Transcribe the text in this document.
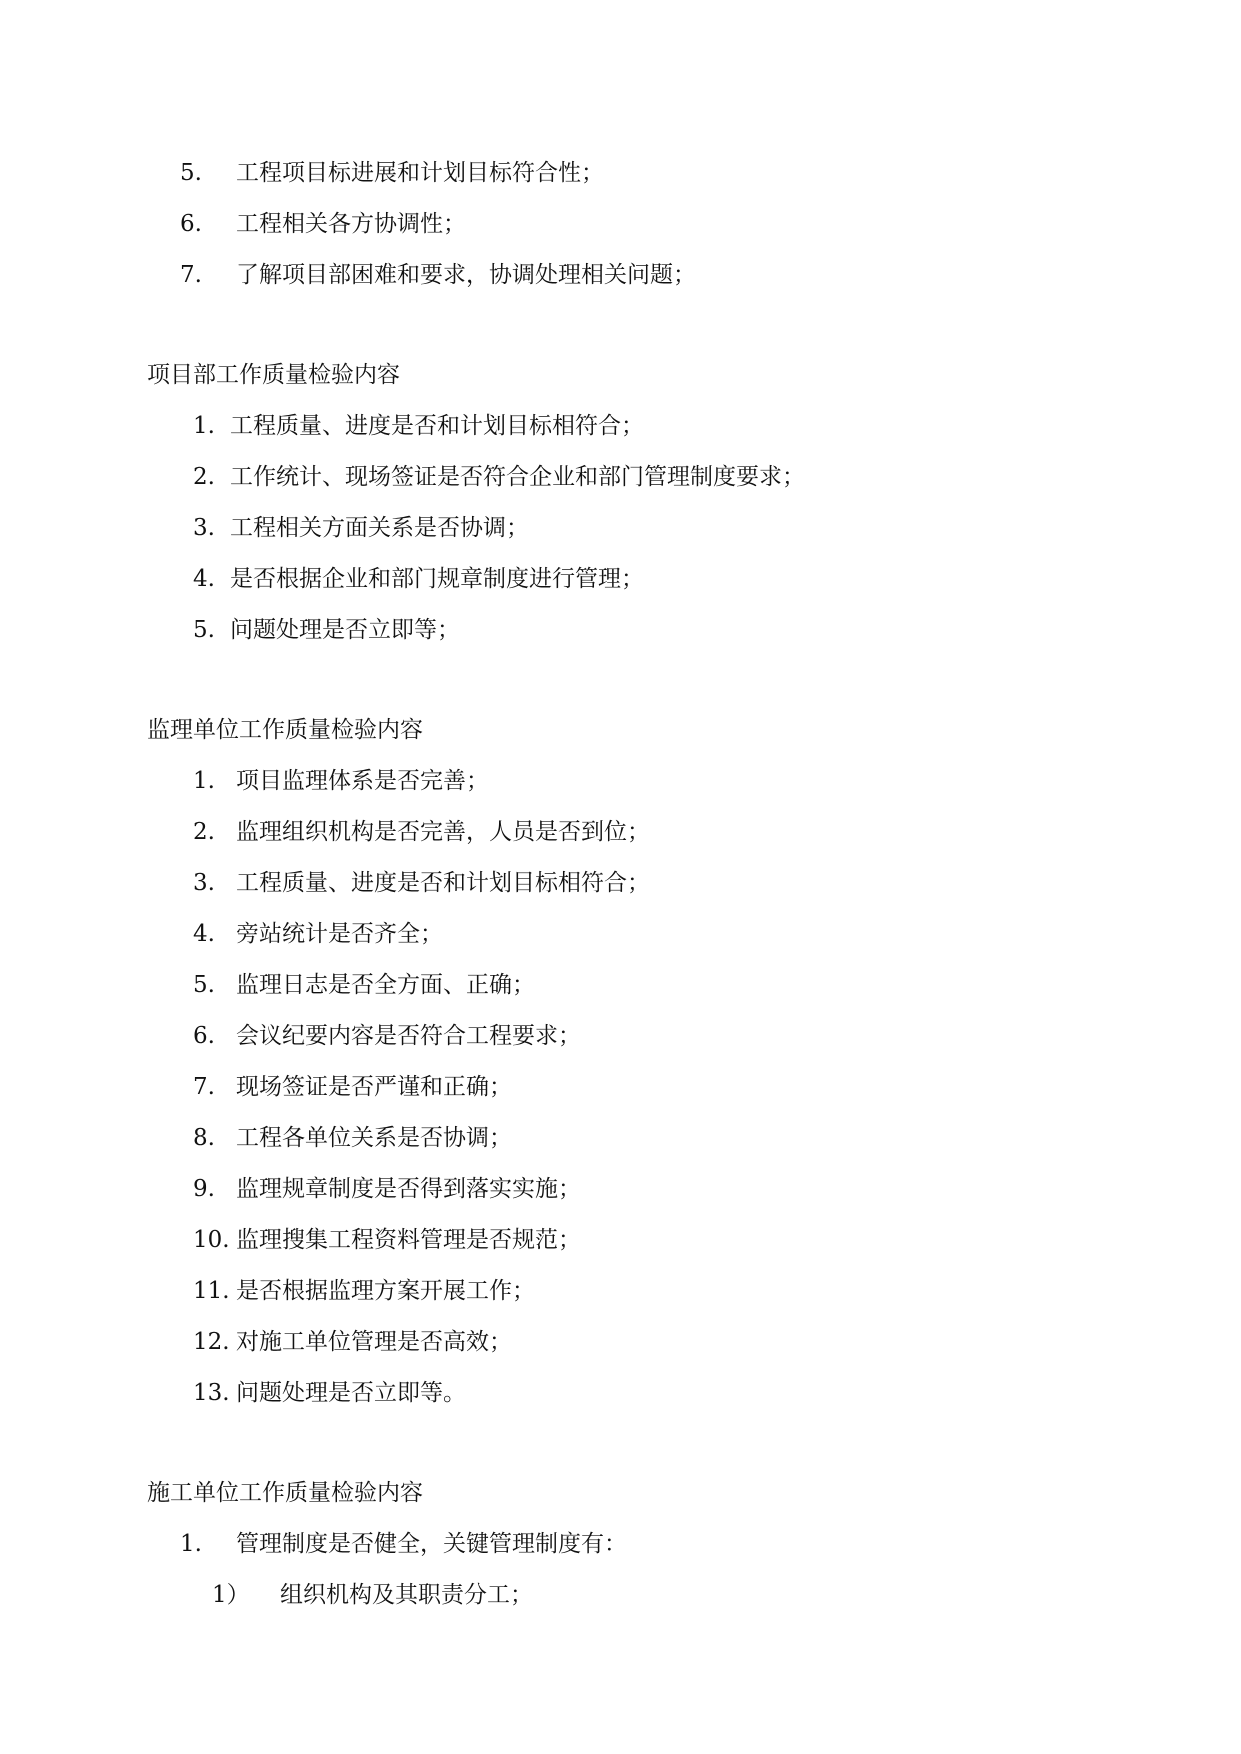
5. 工程项目标进展和计划目标符合性；
6. 工程相关各方协调性；
7. 了解项目部困难和要求，协调处理相关问题；
项目部工作质量检验内容
1. 工程质量、进度是否和计划目标相符合；
2. 工作统计、现场签证是否符合企业和部门管理制度要求；
3. 工程相关方面关系是否协调；
4. 是否根据企业和部门规章制度进行管理；
5. 问题处理是否立即等；
监理单位工作质量检验内容
1. 项目监理体系是否完善；
2. 监理组织机构是否完善，人员是否到位；
3. 工程质量、进度是否和计划目标相符合；
4. 旁站统计是否齐全；
5. 监理日志是否全方面、正确；
6. 会议纪要内容是否符合工程要求；
7. 现场签证是否严谨和正确；
8. 工程各单位关系是否协调；
9. 监理规章制度是否得到落实实施；
10. 监理搜集工程资料管理是否规范；
11. 是否根据监理方案开展工作；
12. 对施工单位管理是否高效；
13. 问题处理是否立即等。
施工单位工作质量检验内容
1. 管理制度是否健全，关键管理制度有：
1） 组织机构及其职责分工；
